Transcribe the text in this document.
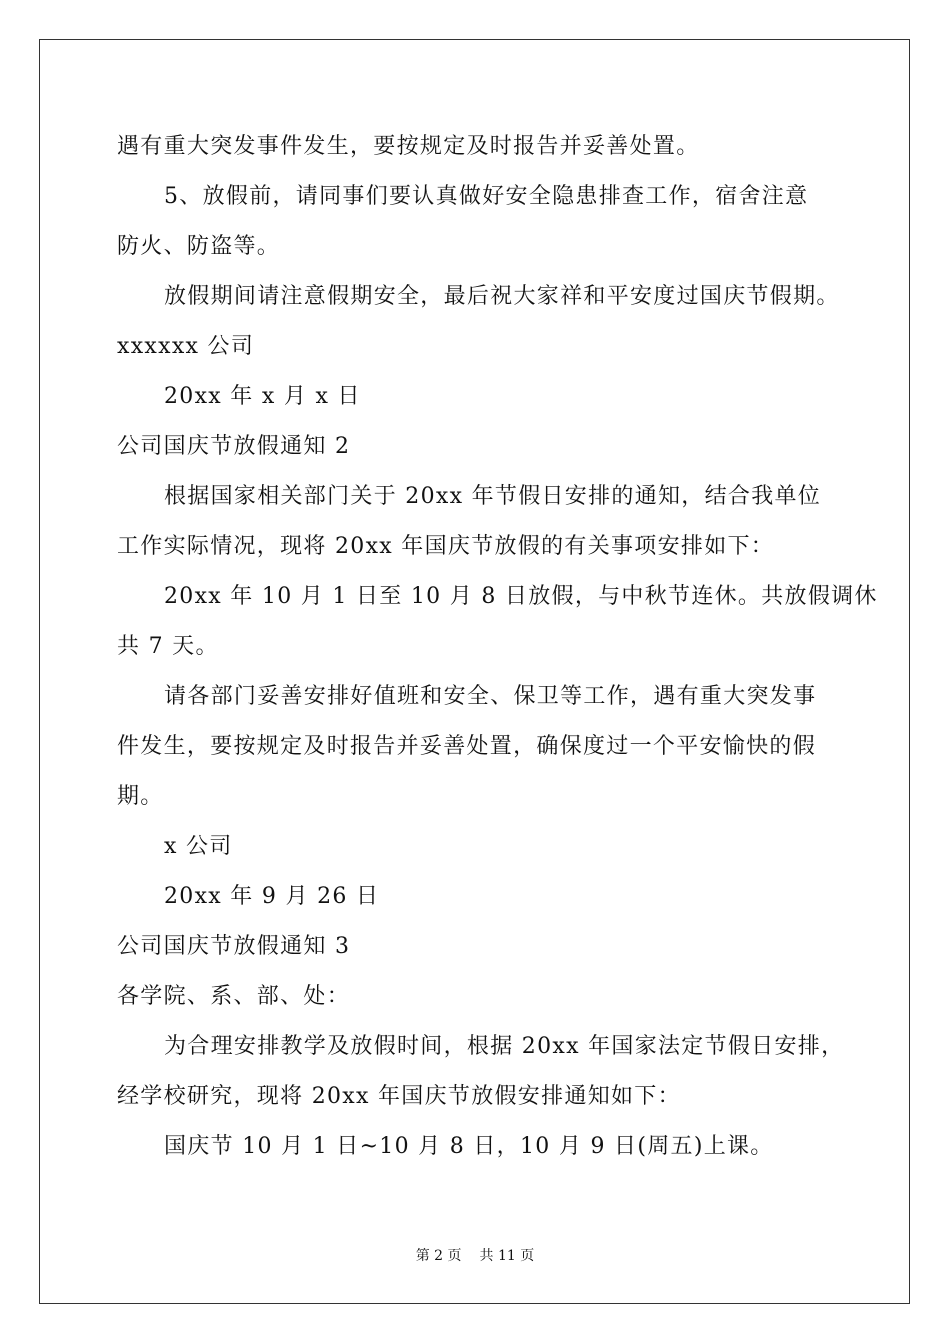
遇有重大突发事件发生，要按规定及时报告并妥善处置。
5、放假前，请同事们要认真做好安全隐患排查工作，宿舍注意
防火、防盗等。
放假期间请注意假期安全，最后祝大家祥和平安度过国庆节假期。
xxxxxx 公司
20xx 年 x 月 x 日
公司国庆节放假通知 2
根据国家相关部门关于 20xx 年节假日安排的通知，结合我单位
工作实际情况，现将 20xx 年国庆节放假的有关事项安排如下：
20xx 年 10 月 1 日至 10 月 8 日放假，与中秋节连休。共放假调休
共 7 天。
请各部门妥善安排好值班和安全、保卫等工作，遇有重大突发事
件发生，要按规定及时报告并妥善处置，确保度过一个平安愉快的假
期。
x 公司
20xx 年 9 月 26 日
公司国庆节放假通知 3
各学院、系、部、处：
为合理安排教学及放假时间，根据 20xx 年国家法定节假日安排，
经学校研究，现将 20xx 年国庆节放假安排通知如下：
国庆节 10 月 1 日~10 月 8 日，10 月 9 日(周五)上课。
第 2 页 共 11 页
